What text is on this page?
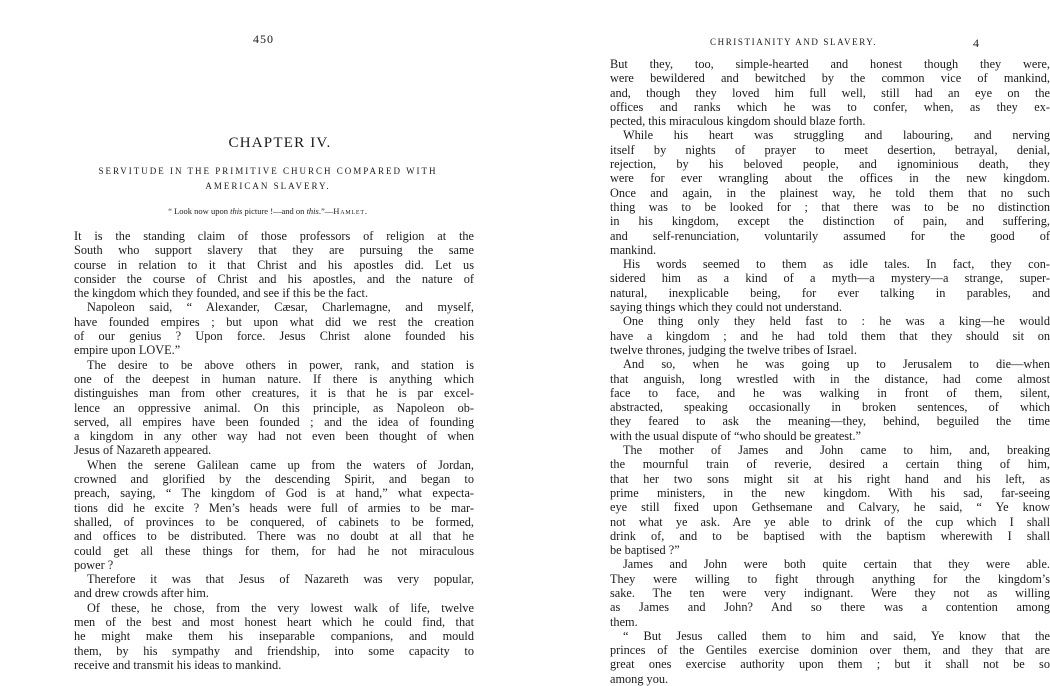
450
CHAPTER IV.
SERVITUDE IN THE PRIMITIVE CHURCH COMPARED WITH
AMERICAN SLAVERY.
“ Look now upon this picture !—and on this.”—Hamlet.
It is the standing claim of those professors of religion at the
South who support slavery that they are pursuing the same
course in relation to it that Christ and his apostles did. Let us
consider the course of Christ and his apostles, and the nature of
the kingdom which they founded, and see if this be the fact.
Napoleon said, “ Alexander, Cæsar, Charlemagne, and myself,
have founded empires ; but upon what did we rest the creation
of our genius ? Upon force. Jesus Christ alone founded his
empire upon LOVE.”
The desire to be above others in power, rank, and station is
one of the deepest in human nature. If there is anything which
distinguishes man from other creatures, it is that he is par excel-
lence an oppressive animal. On this principle, as Napoleon ob-
served, all empires have been founded ; and the idea of founding
a kingdom in any other way had not even been thought of when
Jesus of Nazareth appeared.
When the serene Galilean came up from the waters of Jordan,
crowned and glorified by the descending Spirit, and began to
preach, saying, “ The kingdom of God is at hand,” what expecta-
tions did he excite ? Men’s heads were full of armies to be mar-
shalled, of provinces to be conquered, of cabinets to be formed,
and offices to be distributed. There was no doubt at all that he
could get all these things for them, for had he not miraculous
power ?
Therefore it was that Jesus of Nazareth was very popular,
and drew crowds after him.
Of these, he chose, from the very lowest walk of life, twelve
men of the best and most honest heart which he could find, that
he might make them his inseparable companions, and mould
them, by his sympathy and friendship, into some capacity to
receive and transmit his ideas to mankind.
CHRISTIANITY AND SLAVERY.	4
But they, too, simple-hearted and honest though they were,
were bewildered and bewitched by the common vice of mankind,
and, though they loved him full well, still had an eye on the
offices and ranks which he was to confer, when, as they ex-
pected, this miraculous kingdom should blaze forth.
While his heart was struggling and labouring, and nerving
itself by nights of prayer to meet desertion, betrayal, denial,
rejection, by his beloved people, and ignominious death, they
were for ever wrangling about the offices in the new kingdom.
Once and again, in the plainest way, he told them that no such
thing was to be looked for ; that there was to be no distinction
in his kingdom, except the distinction of pain, and suffering,
and self-renunciation, voluntarily assumed for the good of
mankind.
His words seemed to them as idle tales. In fact, they con-
sidered him as a kind of a myth—a mystery—a strange, super-
natural, inexplicable being, for ever talking in parables, and
saying things which they could not understand.
One thing only they held fast to : he was a king—he would
have a kingdom ; and he had told them that they should sit on
twelve thrones, judging the twelve tribes of Israel.
And so, when he was going up to Jerusalem to die—when
that anguish, long wrestled with in the distance, had come almost
face to face, and he was walking in front of them, silent,
abstracted, speaking occasionally in broken sentences, of which
they feared to ask the meaning—they, behind, beguiled the time
with the usual dispute of “who should be greatest.”
The mother of James and John came to him, and, breaking
the mournful train of reverie, desired a certain thing of him,
that her two sons might sit at his right hand and his left, as
prime ministers, in the new kingdom. With his sad, far-seeing
eye still fixed upon Gethsemane and Calvary, he said, “ Ye know
not what ye ask. Are ye able to drink of the cup which I shall
drink of, and to be baptised with the baptism wherewith I shall
be baptised ?”
James and John were both quite certain that they were able.
They were willing to fight through anything for the kingdom’s
sake. The ten were very indignant. Were they not as willing
as James and John? And so there was a contention among
them.
“ But Jesus called them to him and said, Ye know that the
princes of the Gentiles exercise dominion over them, and they that are
great ones exercise authority upon them ; but it shall not be so
among you.
